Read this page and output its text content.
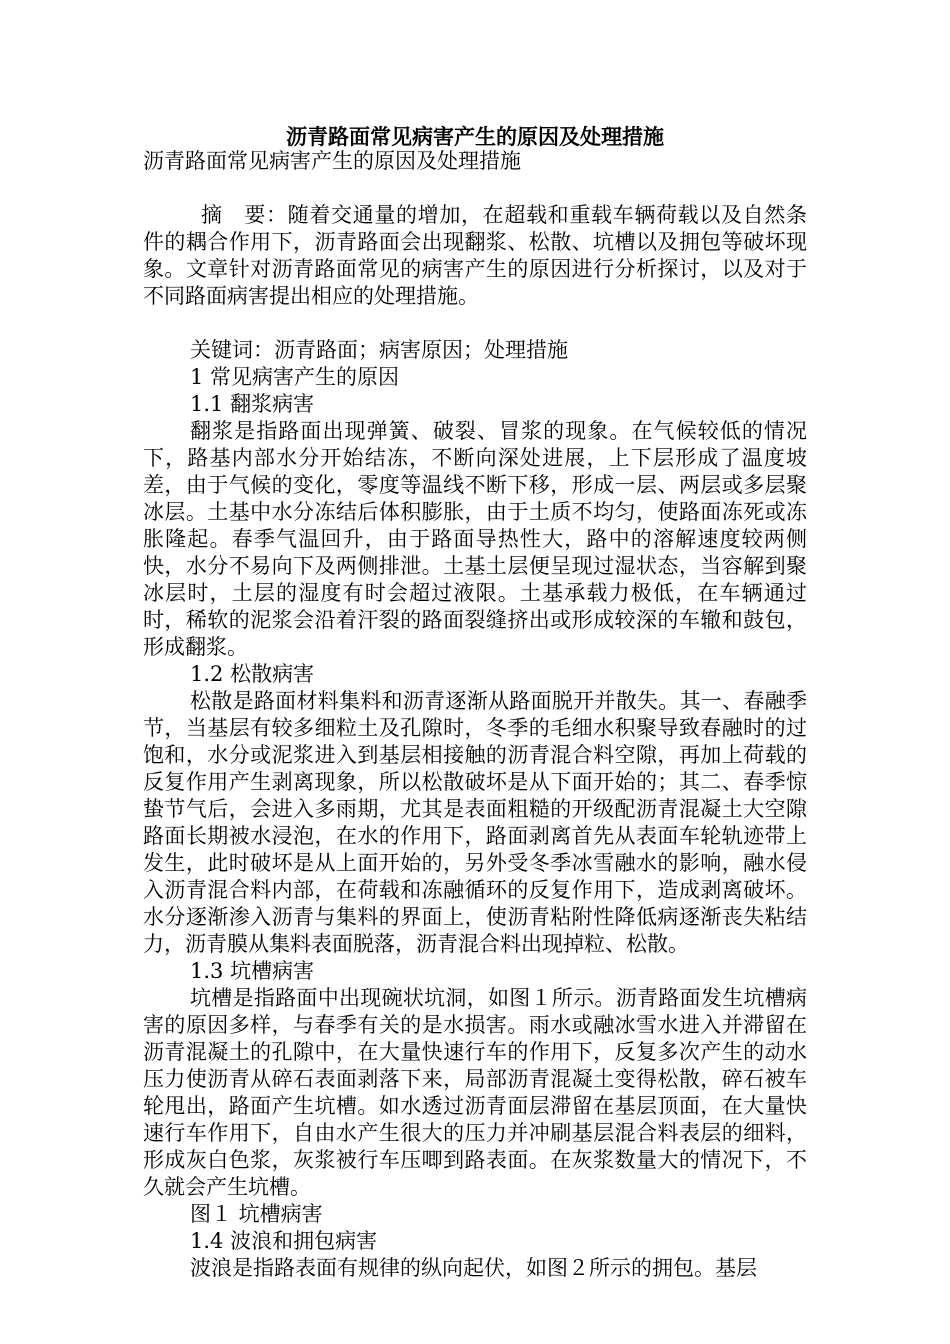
沥青路面常见病害产生的原因及处理措施

沥青路面常见病害产生的原因及处理措施

摘　要：随着交通量的增加，在超载和重载车辆荷载以及自然条件的耦合作用下，沥青路面会出现翻浆、松散、坑槽以及拥包等破坏现象。文章针对沥青路面常见的病害产生的原因进行分析探讨，以及对于不同路面病害提出相应的处理措施。

关键词：沥青路面；病害原因；处理措施

1 常见病害产生的原因

1.1 翻浆病害

翻浆是指路面出现弹簧、破裂、冒浆的现象。在气候较低的情况下，路基内部水分开始结冻，不断向深处进展，上下层形成了温度坡差，由于气候的变化，零度等温线不断下移，形成一层、两层或多层聚冰层。土基中水分冻结后体积膨胀，由于土质不均匀，使路面冻死或冻胀隆起。春季气温回升，由于路面导热性大，路中的溶解速度较两侧快，水分不易向下及两侧排泄。土基土层便呈现过湿状态，当容解到聚冰层时，土层的湿度有时会超过液限。土基承载力极低，在车辆通过时，稀软的泥浆会沿着汗裂的路面裂缝挤出或形成较深的车辙和鼓包，形成翻浆。

1.2 松散病害

松散是路面材料集料和沥青逐渐从路面脱开并散失。其一、春融季节，当基层有较多细粒土及孔隙时，冬季的毛细水积聚导致春融时的过饱和，水分或泥浆进入到基层相接触的沥青混合料空隙，再加上荷载的反复作用产生剥离现象，所以松散破坏是从下面开始的；其二、春季惊蛰节气后，会进入多雨期，尤其是表面粗糙的开级配沥青混凝土大空隙路面长期被水浸泡，在水的作用下，路面剥离首先从表面车轮轨迹带上发生，此时破坏是从上面开始的，另外受冬季冰雪融水的影响，融水侵入沥青混合料内部，在荷载和冻融循环的反复作用下，造成剥离破坏。水分逐渐渗入沥青与集料的界面上，使沥青粘附性降低病逐渐丧失粘结力，沥青膜从集料表面脱落，沥青混合料出现掉粒、松散。

1.3 坑槽病害

坑槽是指路面中出现碗状坑洞，如图１所示。沥青路面发生坑槽病害的原因多样，与春季有关的是水损害。雨水或融冰雪水进入并滞留在沥青混凝土的孔隙中，在大量快速行车的作用下，反复多次产生的动水压力使沥青从碎石表面剥落下来，局部沥青混凝土变得松散，碎石被车轮甩出，路面产生坑槽。如水透过沥青面层滞留在基层顶面，在大量快速行车作用下，自由水产生很大的压力并冲刷基层混合料表层的细料，形成灰白色浆，灰浆被行车压唧到路表面。在灰浆数量大的情况下，不久就会产生坑槽。

图１ 坑槽病害

1.4 波浪和拥包病害

波浪是指路表面有规律的纵向起伏，如图２所示的拥包。基层
